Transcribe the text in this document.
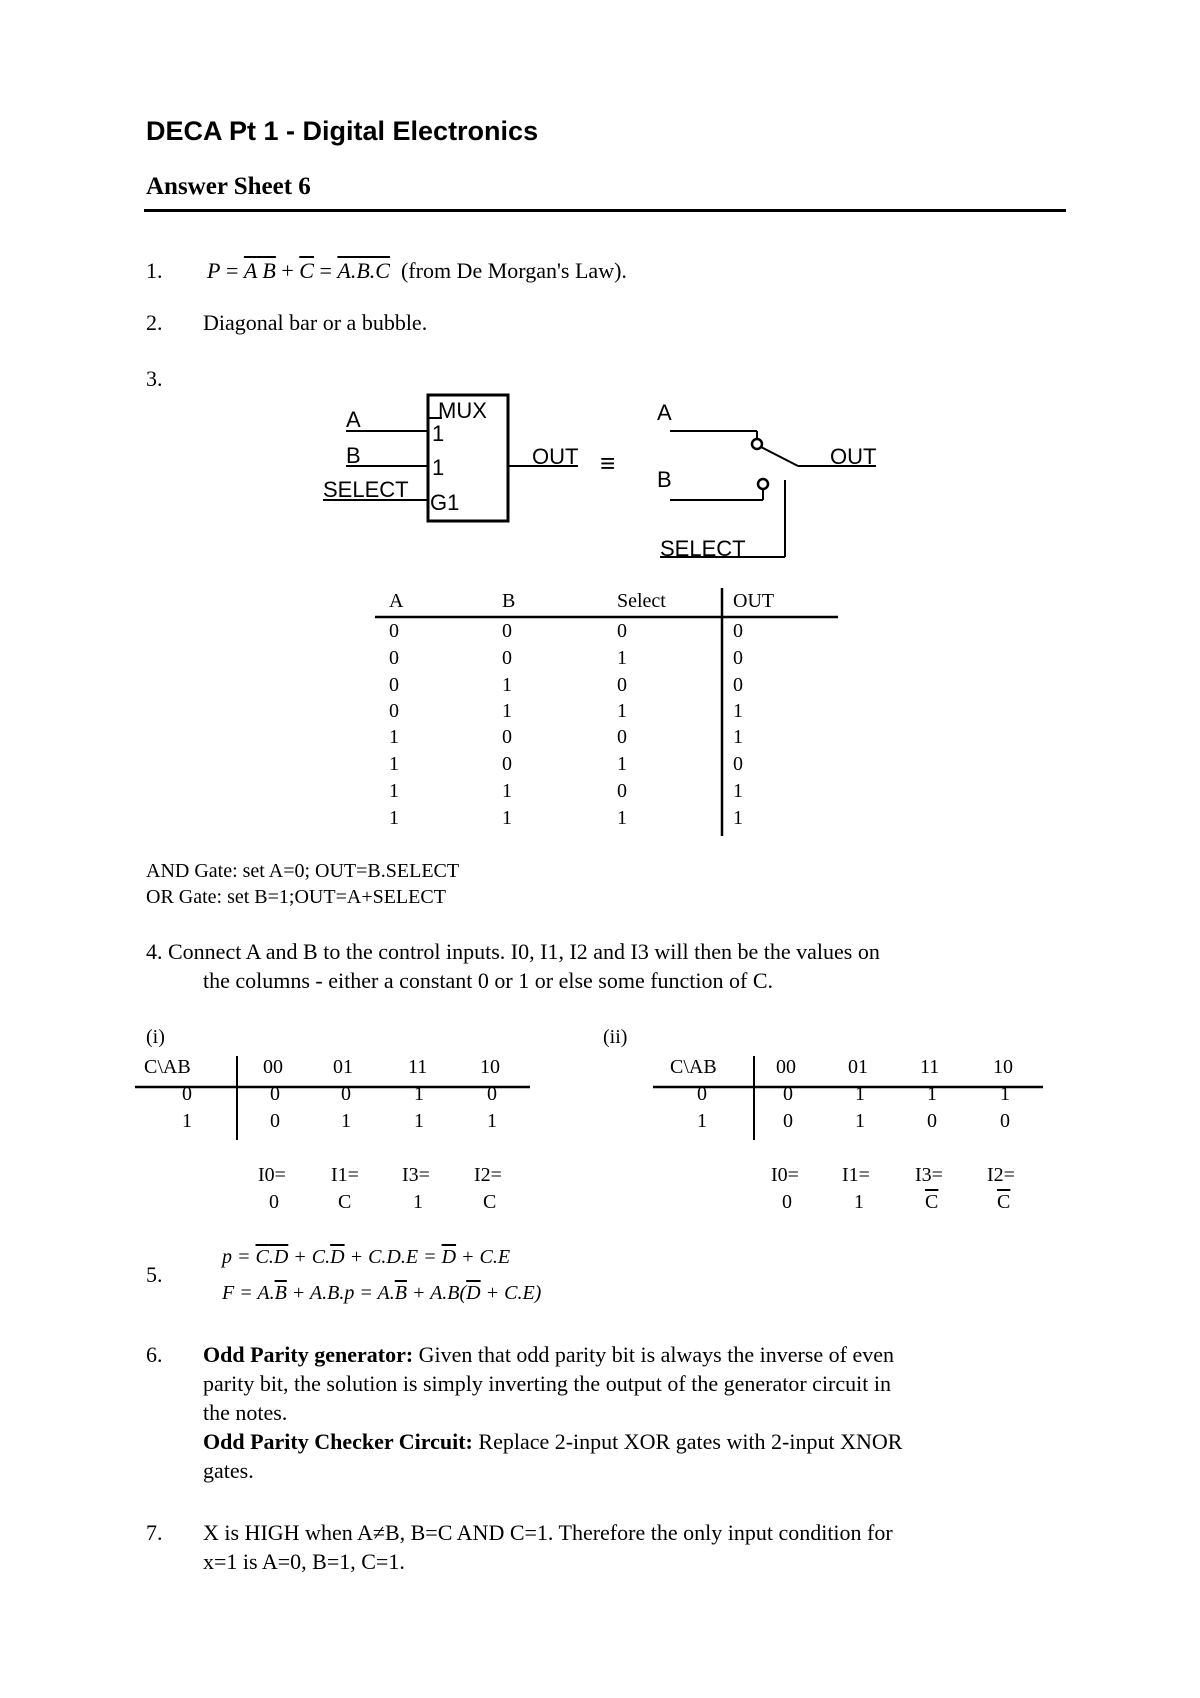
DECA Pt 1 - Digital Electronics
Answer Sheet 6
1. P = A $B + \overline{C} = A.B.C$ (from De Morgan's Law).
2. Diagonal bar or a bubble.
3.
MUX
A
B
SELECT
1
1
G1
OUT ≡
A
B
OUT
SELECT
A	B	Select	OUT
0	0	0	0
0	0	1	0
0	1	0	0
0	1	1	1
1	0	0	1
1	0	1	0
1	1	0	1
1	1	1	1
AND Gate: set A=0; OUT=B.SELECT
OR Gate: set B=1;OUT=A+SELECT
4. Connect A and B to the control inputs. I0, I1, I2 and I3 will then be the values on
the columns - either a constant 0 or 1 or else some function of C.
(i)
C\AB	00	01	11	10
0	0	0	1	0
1	0	1	1	1
I0= I1= I3= I2=
0	C	1	C
(ii)
C\AB	00	01	11	10
0	0	1	1	1
1	0	1	0	0
I0= I1= I3= I2=
0	1	$\overline{C}$	$\overline{C}$
5.
$p = \overline{C}.D + C.\overline{D} + C.D.E = \overline{D} + C.E$
$F = A.\overline{B} + A.B.p = A.\overline{B} + A.B(\overline{D} + C.E)$
6. Odd Parity generator: Given that odd parity bit is always the inverse of even
parity bit, the solution is simply inverting the output of the generator circuit in
the notes.
Odd Parity Checker Circuit: Replace 2-input XOR gates with 2-input XNOR
gates.
7. X is HIGH when A≠B, B=C AND C=1. Therefore the only input condition for
x=1 is A=0, B=1, C=1.
